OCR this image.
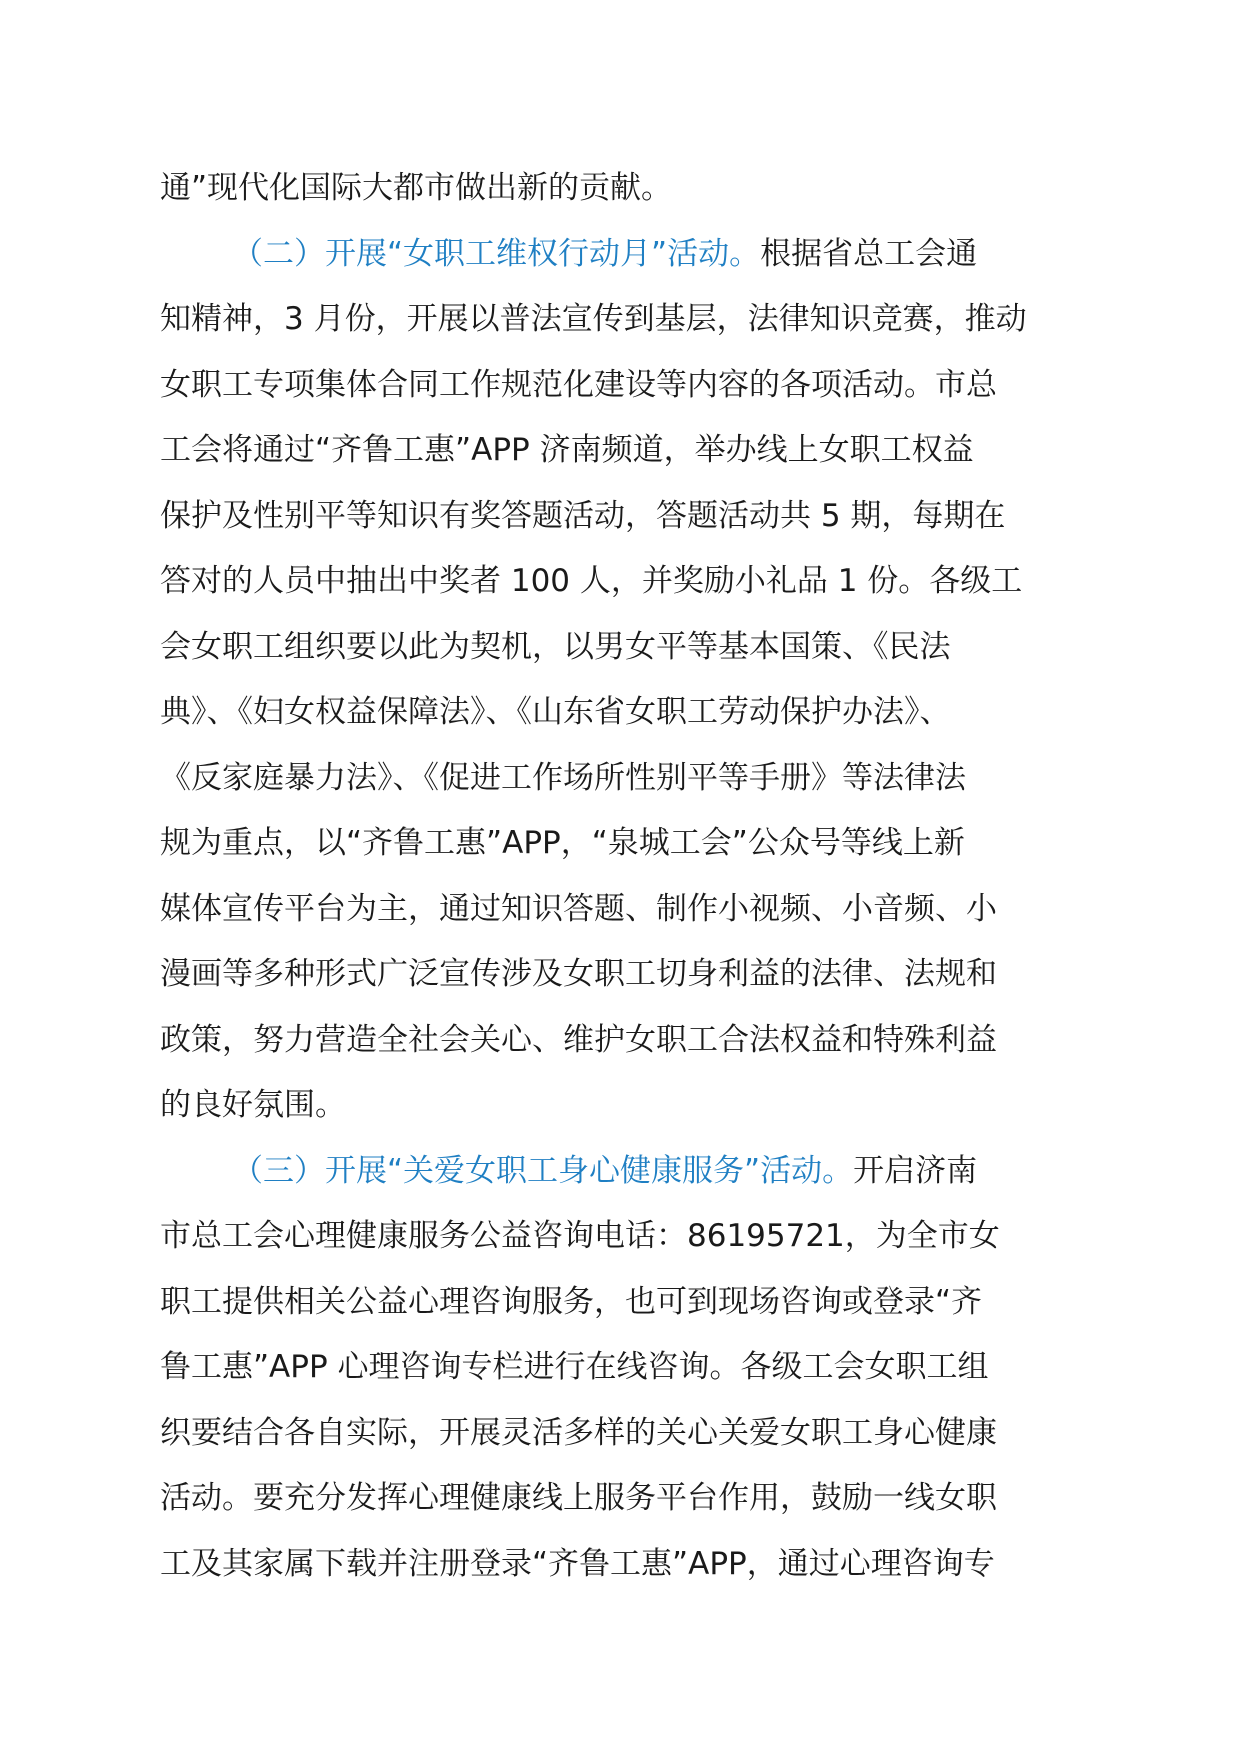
通”现代化国际大都市做出新的贡献。
（二）开展“女职工维权行动月”活动。根据省总工会通
知精神，3 月份，开展以普法宣传到基层，法律知识竞赛，推动
女职工专项集体合同工作规范化建设等内容的各项活动。市总
工会将通过“齐鲁工惠”APP 济南频道，举办线上女职工权益
保护及性别平等知识有奖答题活动，答题活动共 5 期，每期在
答对的人员中抽出中奖者 100 人，并奖励小礼品 1 份。各级工
会女职工组织要以此为契机，以男女平等基本国策、《民法
典》、《妇女权益保障法》、《山东省女职工劳动保护办法》、
《反家庭暴力法》、《促进工作场所性别平等手册》等法律法
规为重点，以“齐鲁工惠”APP，“泉城工会”公众号等线上新
媒体宣传平台为主，通过知识答题、制作小视频、小音频、小
漫画等多种形式广泛宣传涉及女职工切身利益的法律、法规和
政策，努力营造全社会关心、维护女职工合法权益和特殊利益
的良好氛围。
（三）开展“关爱女职工身心健康服务”活动。开启济南
市总工会心理健康服务公益咨询电话：86195721，为全市女
职工提供相关公益心理咨询服务，也可到现场咨询或登录“齐
鲁工惠”APP 心理咨询专栏进行在线咨询。各级工会女职工组
织要结合各自实际，开展灵活多样的关心关爱女职工身心健康
活动。要充分发挥心理健康线上服务平台作用，鼓励一线女职
工及其家属下载并注册登录“齐鲁工惠”APP，通过心理咨询专
